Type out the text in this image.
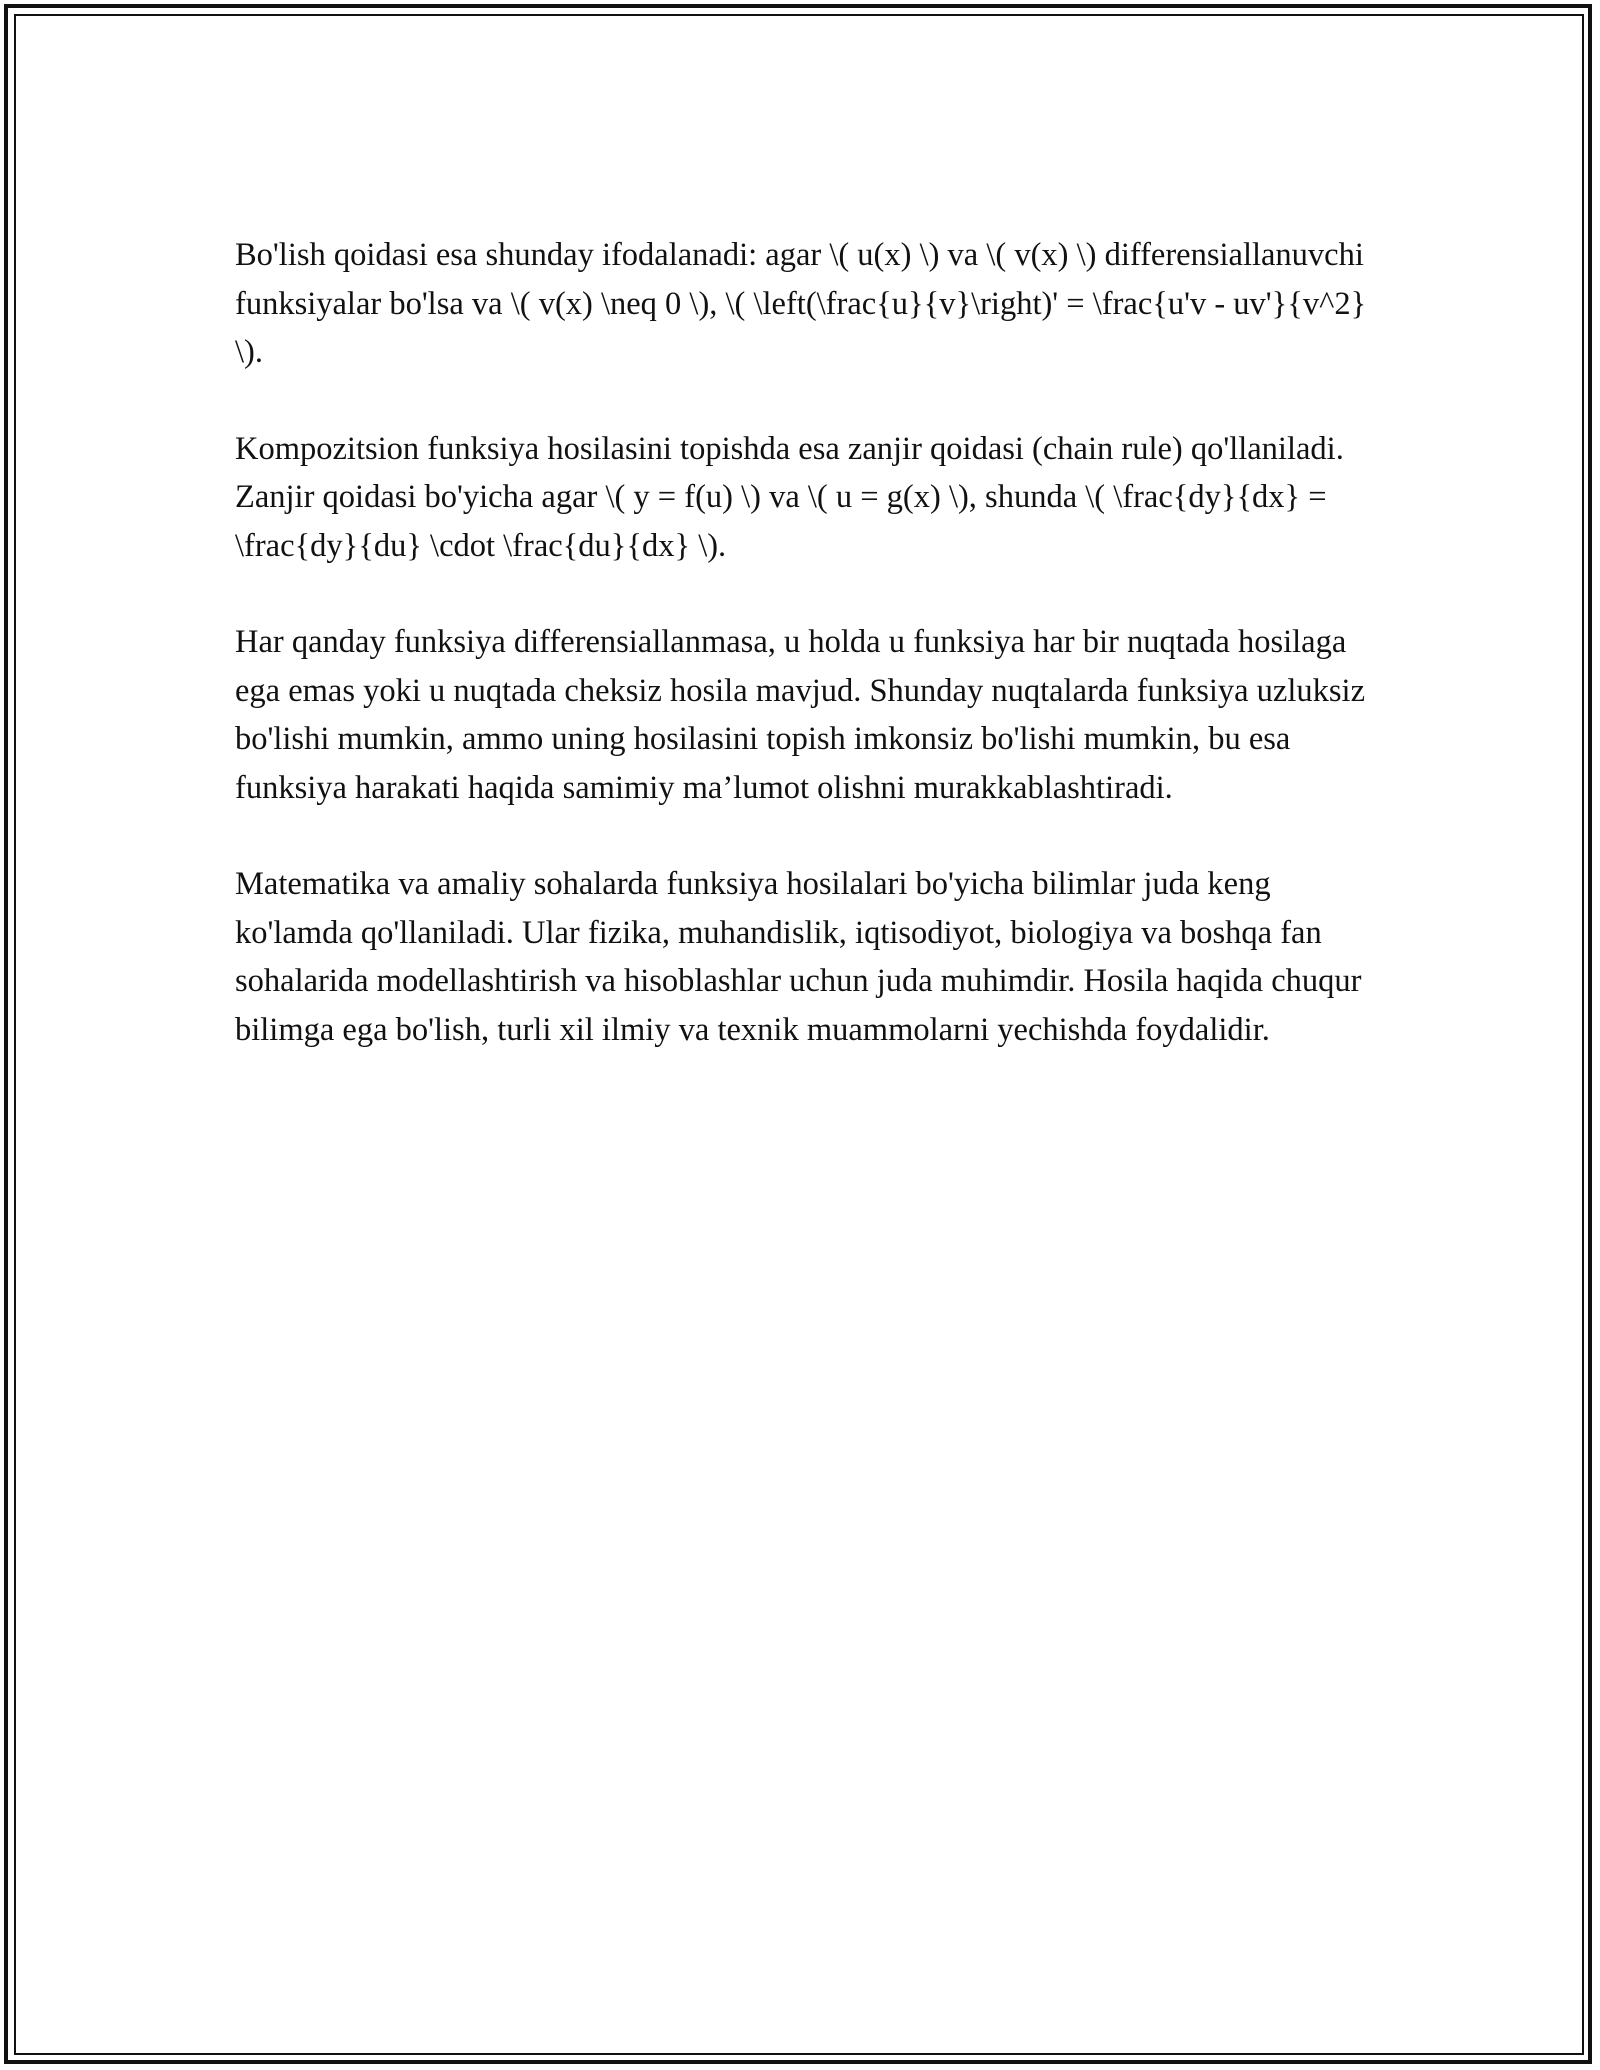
Bo'lish qoidasi esa shunday ifodalanadi: agar \( u(x) \) va \( v(x) \) differensiallanuvchi funksiyalar bo'lsa va \( v(x) \neq 0 \), \( \left(\frac{u}{v}\right)' = \frac{u'v - uv'}{v^2} \).

Kompozitsion funksiya hosilasini topishda esa zanjir qoidasi (chain rule) qo'llaniladi. Zanjir qoidasi bo'yicha agar \( y = f(u) \) va \( u = g(x) \), shunda \( \frac{dy}{dx} = \frac{dy}{du} \cdot \frac{du}{dx} \).

Har qanday funksiya differensiallanmasa, u holda u funksiya har bir nuqtada hosilaga ega emas yoki u nuqtada cheksiz hosila mavjud. Shunday nuqtalarda funksiya uzluksiz bo'lishi mumkin, ammo uning hosilasini topish imkonsiz bo'lishi mumkin, bu esa funksiya harakati haqida samimiy ma’lumot olishni murakkablashtiradi.

Matematika va amaliy sohalarda funksiya hosilalari bo'yicha bilimlar juda keng ko'lamda qo'llaniladi. Ular fizika, muhandislik, iqtisodiyot, biologiya va boshqa fan sohalarida modellashtirish va hisoblashlar uchun juda muhimdir. Hosila haqida chuqur bilimga ega bo'lish, turli xil ilmiy va texnik muammolarni yechishda foydalidir.
